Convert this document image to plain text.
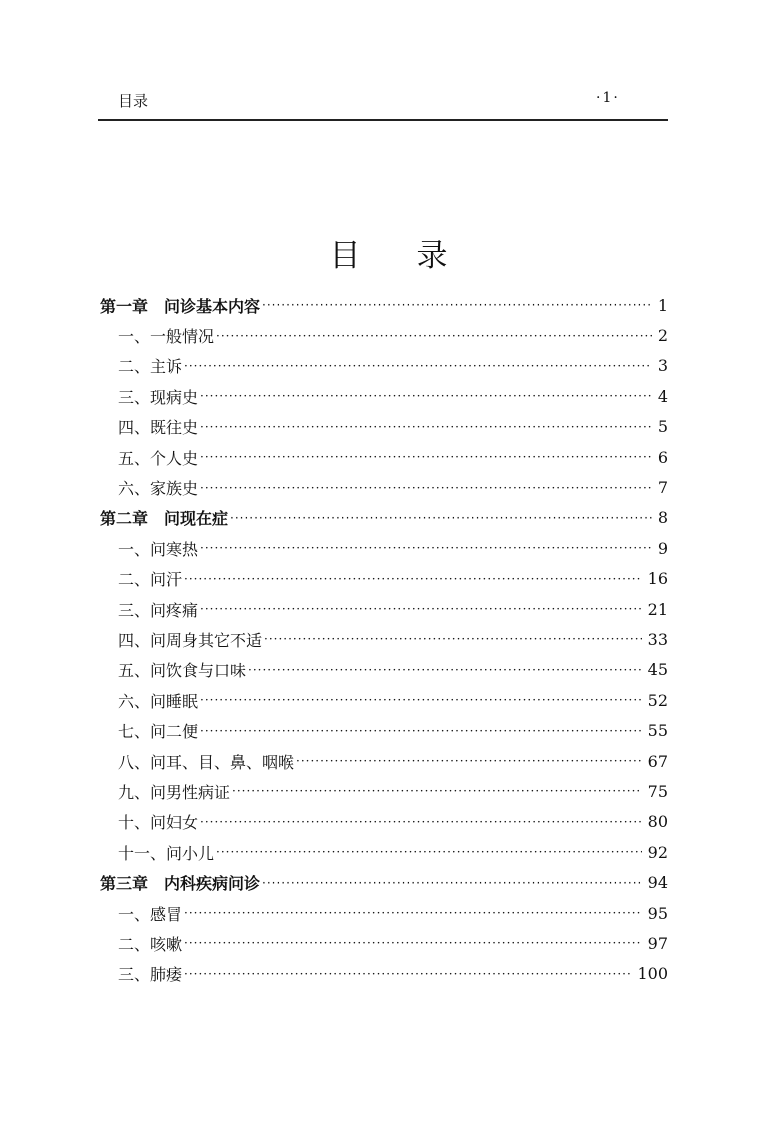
目录	·1·
目 录
第一章 问诊基本内容 ·····	1
一、一般情况 ·····	2
二、主诉 ·····	3
三、现病史 ·····	4
四、既往史 ·····	5
五、个人史 ·····	6
六、家族史 ·····	7
第二章 问现在症 ·····	8
一、问寒热 ·····	9
二、问汗 ·····	16
三、问疼痛 ·····	21
四、问周身其它不适 ·····	33
五、问饮食与口味 ·····	45
六、问睡眠 ·····	52
七、问二便 ·····	55
八、问耳、目、鼻、咽喉 ·····	67
九、问男性病证 ·····	75
十、问妇女 ·····	80
十一、问小儿 ·····	92
第三章 内科疾病问诊 ·····	94
一、感冒 ·····	95
二、咳嗽 ·····	97
三、肺痿 ·····	100
